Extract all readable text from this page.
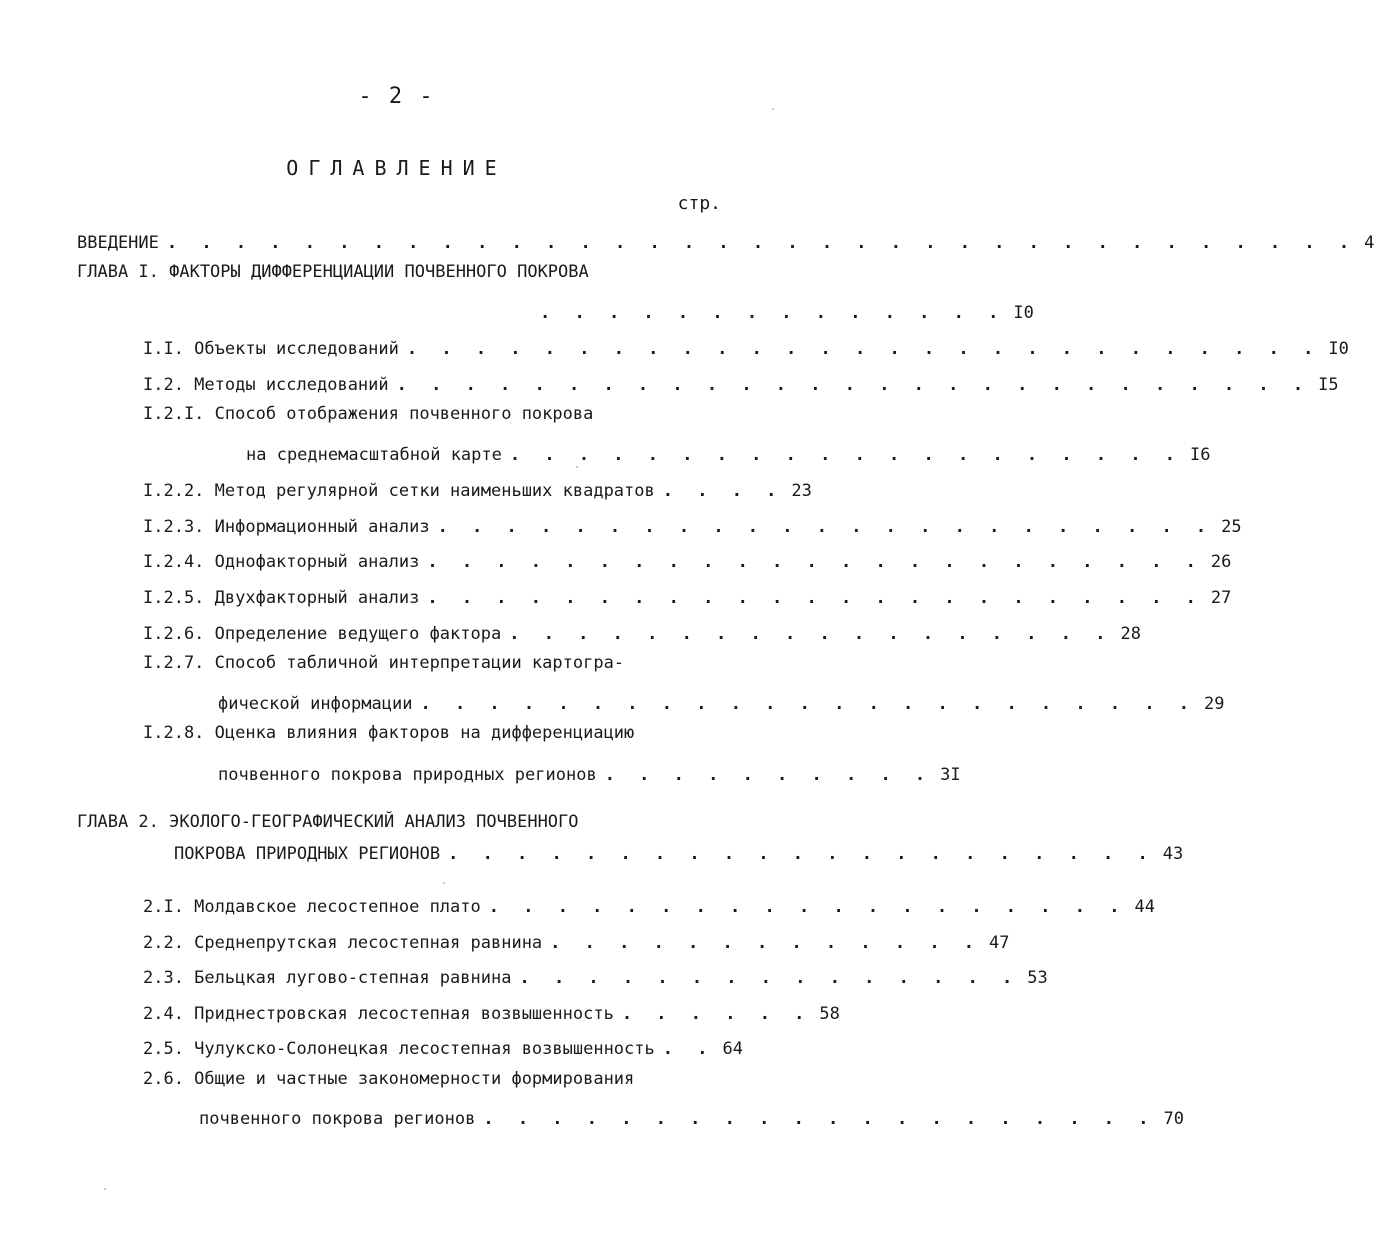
- 2 -
ОГЛАВЛЕНИЕ
стр.
ВВЕДЕНИЕ . . . . . . . . . . . . . . . . . . . . . . . . . . . . . . . . . . . 4
ГЛАВА I. ФАКТОРЫ ДИФФЕРЕНЦИАЦИИ ПОЧВЕННОГО ПОКРОВА
. . . . . . . . . . . . . . I0
I.I. Объекты исследований . . . . . . . . . . . . . . . . . . . . . . . . . . . I0
I.2. Методы исследований . . . . . . . . . . . . . . . . . . . . . . . . . . . I5
I.2.I. Способ отображения почвенного покрова
на среднемасштабной карте . . . . . . . . . . . . . . . . . . . . I6
I.2.2. Метод регулярной сетки наименьших квадратов . . . . 23
I.2.3. Информационный анализ . . . . . . . . . . . . . . . . . . . . . . . 25
I.2.4. Однофакторный анализ . . . . . . . . . . . . . . . . . . . . . . . 26
I.2.5. Двухфакторный анализ . . . . . . . . . . . . . . . . . . . . . . . 27
I.2.6. Определение ведущего фактора . . . . . . . . . . . . . . . . . . 28
I.2.7. Способ табличной интерпретации картогра-
фической информации . . . . . . . . . . . . . . . . . . . . . . . 29
I.2.8. Оценка влияния факторов на дифференциацию
почвенного покрова природных регионов . . . . . . . . . . 3I
ГЛАВА 2. ЭКОЛОГО-ГЕОГРАФИЧЕСКИЙ АНАЛИЗ ПОЧВЕННОГО
ПОКРОВА ПРИРОДНЫХ РЕГИОНОВ . . . . . . . . . . . . . . . . . . . . . 43
2.I. Молдавское лесостепное плато . . . . . . . . . . . . . . . . . . . 44
2.2. Среднепрутская лесостепная равнина . . . . . . . . . . . . . 47
2.3. Бельцкая лугово-степная равнина . . . . . . . . . . . . . . . 53
2.4. Приднестровская лесостепная возвышенность . . . . . . 58
2.5. Чулукско-Солонецкая лесостепная возвышенность . . 64
2.6. Общие и частные закономерности формирования
почвенного покрова регионов . . . . . . . . . . . . . . . . . . . . 70
